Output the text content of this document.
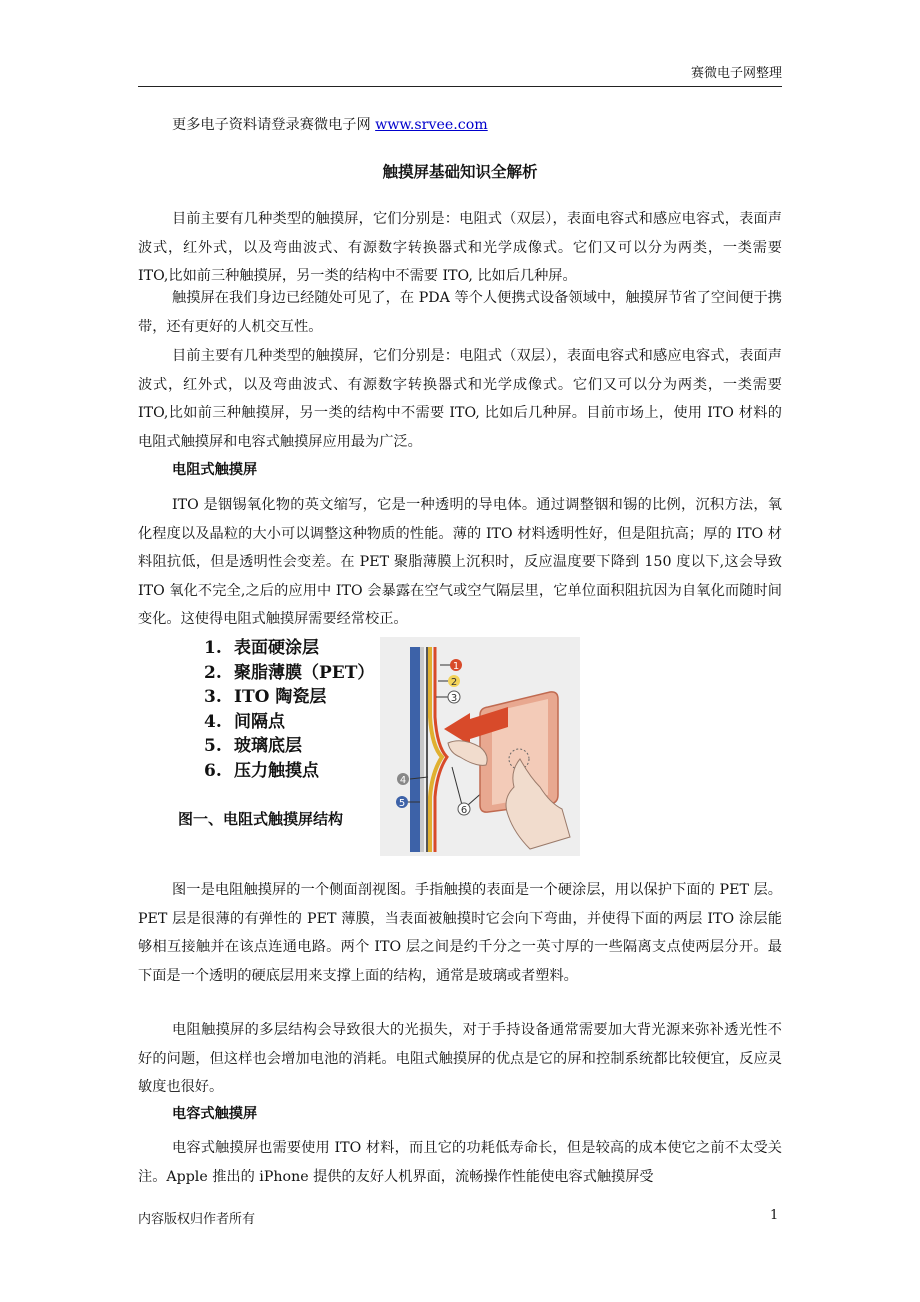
赛微电子网整理
更多电子资料请登录赛微电子网 www.srvee.com
触摸屏基础知识全解析

目前主要有几种类型的触摸屏，它们分别是：电阻式（双层），表面电容式和感应电容式，表面声波式，红外式，以及弯曲波式、有源数字转换器式和光学成像式。它们又可以分为两类，一类需要 ITO,比如前三种触摸屏，另一类的结构中不需要 ITO, 比如后几种屏。

触摸屏在我们身边已经随处可见了，在 PDA 等个人便携式设备领域中，触摸屏节省了空间便于携带，还有更好的人机交互性。

目前主要有几种类型的触摸屏，它们分别是：电阻式（双层），表面电容式和感应电容式，表面声波式，红外式，以及弯曲波式、有源数字转换器式和光学成像式。它们又可以分为两类，一类需要 ITO,比如前三种触摸屏，另一类的结构中不需要 ITO, 比如后几种屏。目前市场上，使用 ITO 材料的电阻式触摸屏和电容式触摸屏应用最为广泛。

电阻式触摸屏

ITO 是铟锡氧化物的英文缩写，它是一种透明的导电体。通过调整铟和锡的比例，沉积方法，氧化程度以及晶粒的大小可以调整这种物质的性能。薄的 ITO 材料透明性好，但是阻抗高；厚的 ITO 材料阻抗低，但是透明性会变差。在 PET 聚脂薄膜上沉积时，反应温度要下降到 150 度以下,这会导致 ITO 氧化不完全,之后的应用中 ITO 会暴露在空气或空气隔层里，它单位面积阻抗因为自氧化而随时间变化。这使得电阻式触摸屏需要经常校正。

1. 表面硬涂层
2. 聚脂薄膜（PET）
3. ITO 陶瓷层
4. 间隔点
5. 玻璃底层
6. 压力触摸点
图一、电阻式触摸屏结构
1
2
3
4
5
6

图一是电阻触摸屏的一个侧面剖视图。手指触摸的表面是一个硬涂层，用以保护下面的 PET 层。PET 层是很薄的有弹性的 PET 薄膜，当表面被触摸时它会向下弯曲，并使得下面的两层 ITO 涂层能够相互接触并在该点连通电路。两个 ITO 层之间是约千分之一英寸厚的一些隔离支点使两层分开。最下面是一个透明的硬底层用来支撑上面的结构，通常是玻璃或者塑料。

电阻触摸屏的多层结构会导致很大的光损失，对于手持设备通常需要加大背光源来弥补透光性不好的问题，但这样也会增加电池的消耗。电阻式触摸屏的优点是它的屏和控制系统都比较便宜，反应灵敏度也很好。

电容式触摸屏

电容式触摸屏也需要使用 ITO 材料，而且它的功耗低寿命长，但是较高的成本使它之前不太受关注。Apple 推出的 iPhone 提供的友好人机界面，流畅操作性能使电容式触摸屏受

内容版权归作者所有	1
